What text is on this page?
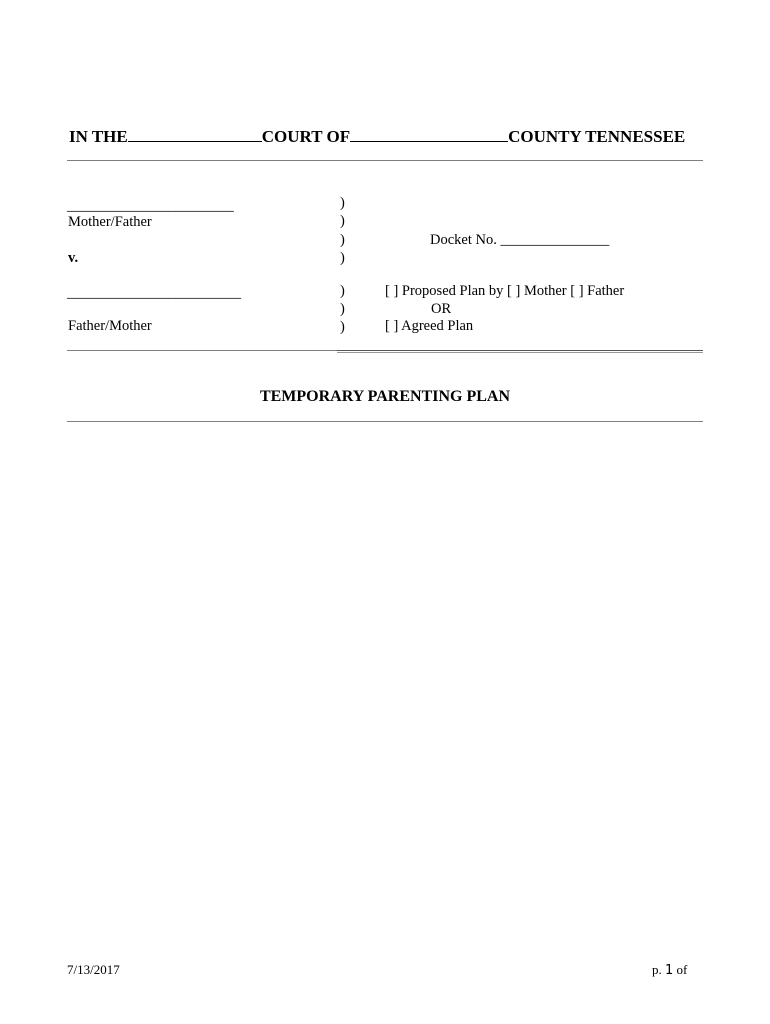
IN THE	COURT OF	COUNTY TENNESSEE
_______________________
Mother/Father
v.
________________________
Father/Mother
)
)
)
)
)
)
)
Docket No. _______________
[ ] Proposed Plan by [ ] Mother [ ] Father
OR
[ ] Agreed Plan
TEMPORARY PARENTING PLAN
7/13/2017	p. 1 of
